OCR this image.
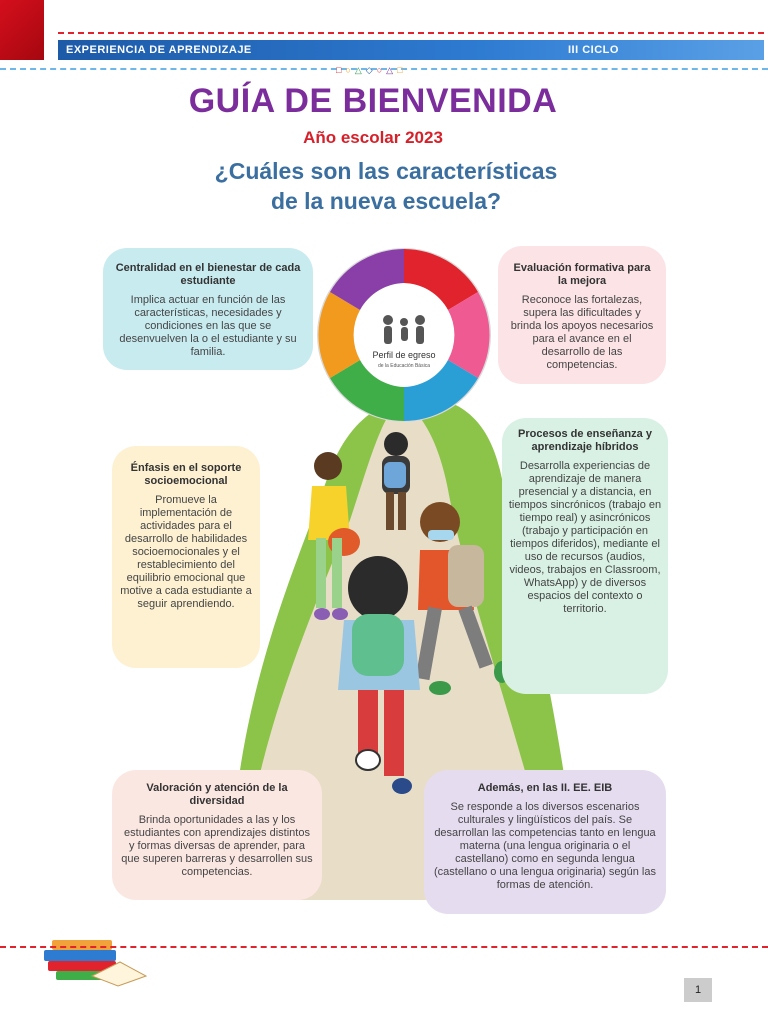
EXPERIENCIA DE APRENDIZAJE	III CICLO
□ ○ △ ◇ ○ △ □
GUÍA DE BIENVENIDA
Año escolar 2023
¿Cuáles son las características
de la nueva escuela?
Perfil de egreso
de la Educación Básica
Centralidad en el bienestar de cada estudiante

Implica actuar en función de las características, necesidades y condiciones en las que se desenvuelven la o el estudiante y su familia.

Evaluación formativa para la mejora

Reconoce las fortalezas, supera las dificultades y brinda los apoyos necesarios para el avance en el desarrollo de las competencias.

Énfasis en el soporte socioemocional

Promueve la implementación de actividades para el desarrollo de habilidades socioemocionales y el restablecimiento del equilibrio emocional que motive a cada estudiante a seguir aprendiendo.

Procesos de enseñanza y aprendizaje híbridos

Desarrolla experiencias de aprendizaje de manera presencial y a distancia, en tiempos sincrónicos (trabajo en tiempo real) y asincrónicos (trabajo y participación en tiempos diferidos), mediante el uso de recursos (audios, videos, trabajos en Classroom, WhatsApp) y de diversos espacios del contexto o territorio.

Valoración y atención de la diversidad

Brinda oportunidades a las y los estudiantes con aprendizajes distintos y formas diversas de aprender, para que superen barreras y desarrollen sus competencias.

Además, en las II. EE. EIB

Se responde a los diversos escenarios culturales y lingüísticos del país. Se desarrollan las competencias tanto en lengua materna (una lengua originaria o el castellano) como en segunda lengua (castellano o una lengua originaria) según las formas de atención.

1
